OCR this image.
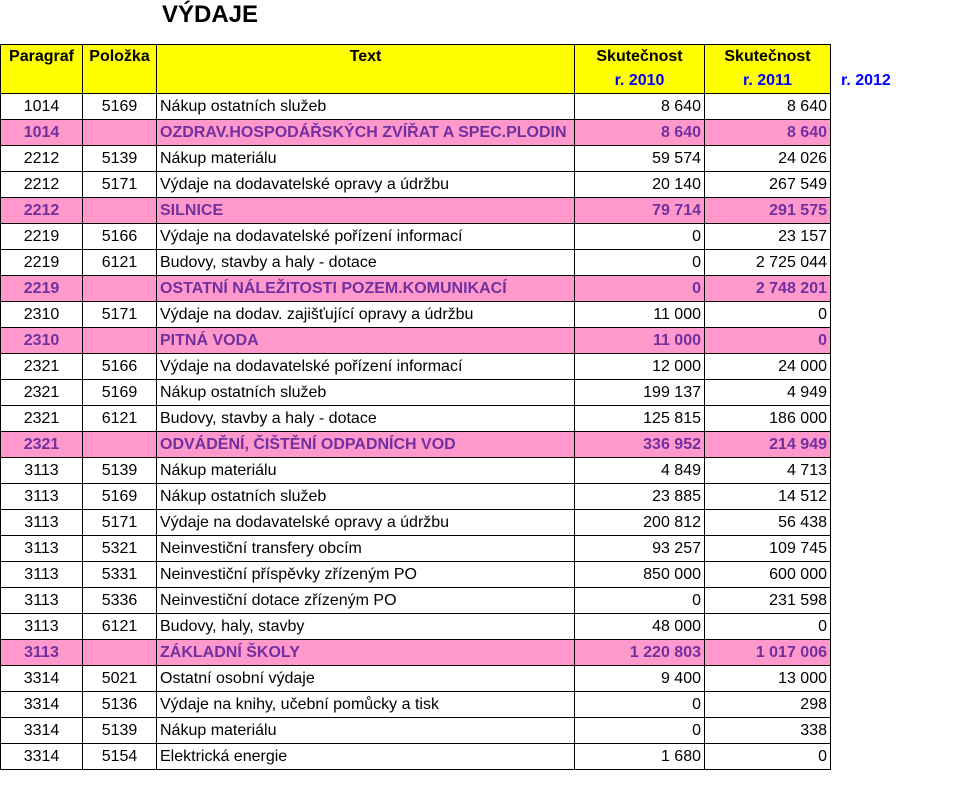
VÝDAJE
Paragraf	Položka	Text	Skutečnost	Skutečnost	
			r. 2010	r. 2011	r. 2012
1014	5169	Nákup ostatních služeb	8 640	8 640	
1014		OZDRAV.HOSPODÁŘSKÝCH ZVÍŘAT A SPEC.PLODIN	8 640	8 640	
2212	5139	Nákup materiálu	59 574	24 026	
2212	5171	Výdaje na dodavatelské opravy a údržbu	20 140	267 549	
2212		SILNICE	79 714	291 575	
2219	5166	Výdaje na dodavatelské pořízení informací	0	23 157	
2219	6121	Budovy, stavby a haly - dotace	0	2 725 044	
2219		OSTATNÍ NÁLEŽITOSTI POZEM.KOMUNIKACÍ	0	2 748 201	
2310	5171	Výdaje na dodav. zajišťující opravy a údržbu	11 000	0	
2310		PITNÁ VODA	11 000	0	
2321	5166	Výdaje na dodavatelské pořízení informací	12 000	24 000	
2321	5169	Nákup ostatních služeb	199 137	4 949	
2321	6121	Budovy, stavby a haly - dotace	125 815	186 000	
2321		ODVÁDĚNÍ, ČIŠTĚNÍ ODPADNÍCH VOD	336 952	214 949	
3113	5139	Nákup materiálu	4 849	4 713	
3113	5169	Nákup ostatních služeb	23 885	14 512	
3113	5171	Výdaje na dodavatelské opravy a údržbu	200 812	56 438	
3113	5321	Neinvestiční transfery obcím	93 257	109 745	
3113	5331	Neinvestiční příspěvky zřízeným PO	850 000	600 000	
3113	5336	Neinvestiční dotace zřízeným PO	0	231 598	
3113	6121	Budovy, haly, stavby	48 000	0	
3113		ZÁKLADNÍ ŠKOLY	1 220 803	1 017 006	
3314	5021	Ostatní osobní výdaje	9 400	13 000	
3314	5136	Výdaje na knihy, učební pomůcky a tisk	0	298	
3314	5139	Nákup materiálu	0	338	
3314	5154	Elektrická energie	1 680	0	
